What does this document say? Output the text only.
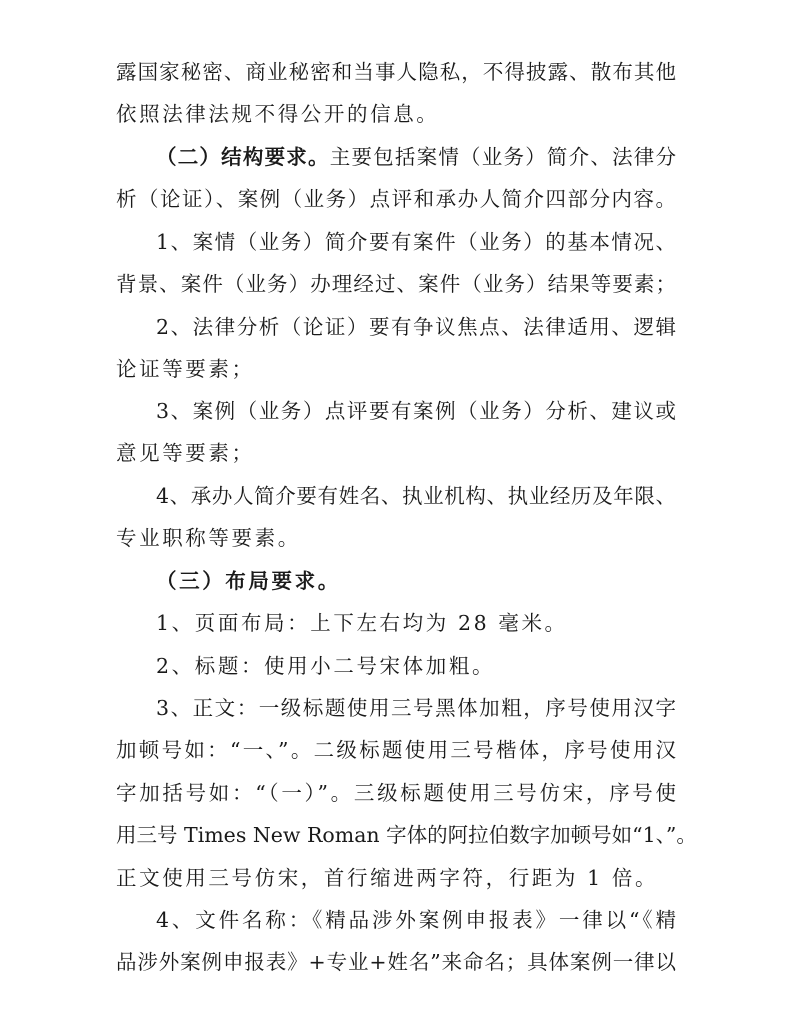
露国家秘密、商业秘密和当事人隐私，不得披露、散布其他
依照法律法规不得公开的信息。
（二）结构要求。主要包括案情（业务）简介、法律分
析（论证）、案例（业务）点评和承办人简介四部分内容。
1、案情（业务）简介要有案件（业务）的基本情况、
背景、案件（业务）办理经过、案件（业务）结果等要素；
2、法律分析（论证）要有争议焦点、法律适用、逻辑
论证等要素；
3、案例（业务）点评要有案例（业务）分析、建议或
意见等要素；
4、承办人简介要有姓名、执业机构、执业经历及年限、
专业职称等要素。
（三）布局要求。
1、页面布局：上下左右均为 28 毫米。
2、标题：使用小二号宋体加粗。
3、正文：一级标题使用三号黑体加粗，序号使用汉字
加顿号如：“一、”。二级标题使用三号楷体，序号使用汉
字加括号如：“（一）”。三级标题使用三号仿宋，序号使
用三号 Times New Roman 字体的阿拉伯数字加顿号如“1、”。
正文使用三号仿宋，首行缩进两字符，行距为 1 倍。
4、文件名称：《精品涉外案例申报表》一律以“《精
品涉外案例申报表》+专业+姓名”来命名；具体案例一律以
